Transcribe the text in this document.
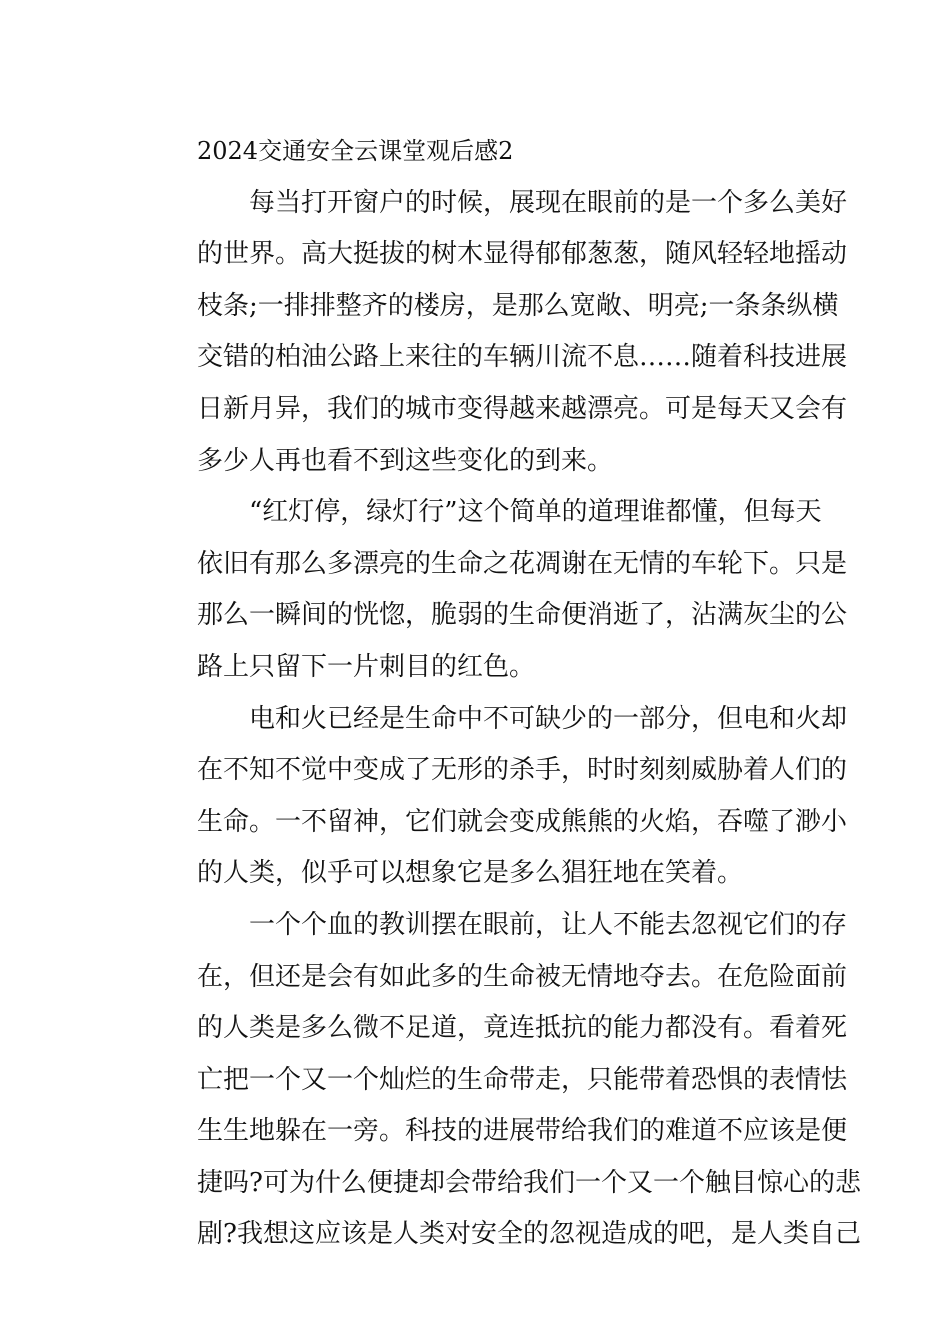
2024交通安全云课堂观后感2
每当打开窗户的时候，展现在眼前的是一个多么美好
的世界。高大挺拔的树木显得郁郁葱葱，随风轻轻地摇动
枝条;一排排整齐的楼房，是那么宽敞、明亮;一条条纵横
交错的柏油公路上来往的车辆川流不息……随着科技进展
日新月异，我们的城市变得越来越漂亮。可是每天又会有
多少人再也看不到这些变化的到来。
“红灯停，绿灯行”这个简单的道理谁都懂，但每天
依旧有那么多漂亮的生命之花凋谢在无情的车轮下。只是
那么一瞬间的恍惚，脆弱的生命便消逝了，沾满灰尘的公
路上只留下一片刺目的红色。
电和火已经是生命中不可缺少的一部分，但电和火却
在不知不觉中变成了无形的杀手，时时刻刻威胁着人们的
生命。一不留神，它们就会变成熊熊的火焰，吞噬了渺小
的人类，似乎可以想象它是多么猖狂地在笑着。
一个个血的教训摆在眼前，让人不能去忽视它们的存
在，但还是会有如此多的生命被无情地夺去。在危险面前
的人类是多么微不足道，竟连抵抗的能力都没有。看着死
亡把一个又一个灿烂的生命带走，只能带着恐惧的表情怯
生生地躲在一旁。科技的进展带给我们的难道不应该是便
捷吗?可为什么便捷却会带给我们一个又一个触目惊心的悲
剧?我想这应该是人类对安全的忽视造成的吧，是人类自己
